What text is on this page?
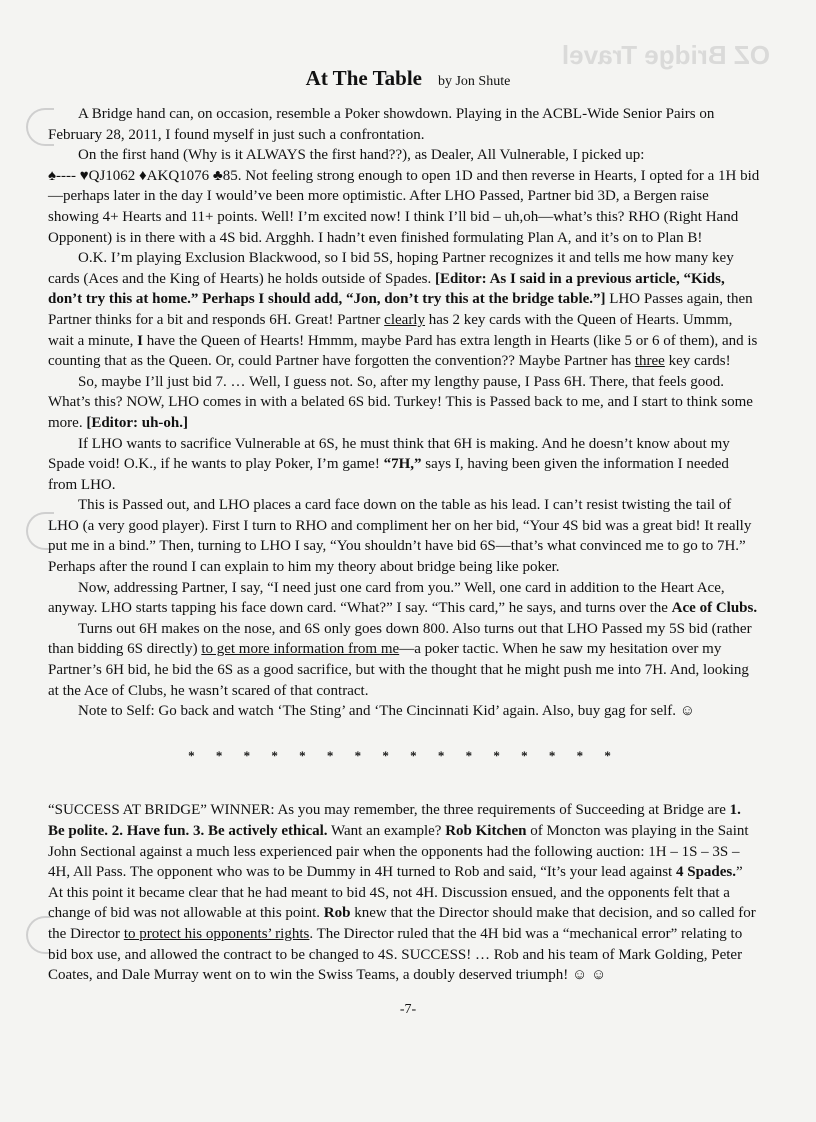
OZ Bridge Travel
At The Table by Jon Shute

A Bridge hand can, on occasion, resemble a Poker showdown. Playing in the ACBL-Wide Senior Pairs on February 28, 2011, I found myself in just such a confrontation.

On the first hand (Why is it ALWAYS the first hand??), as Dealer, All Vulnerable, I picked up:

♠---- ♥QJ1062 ♦AKQ1076 ♣85. Not feeling strong enough to open 1D and then reverse in Hearts, I opted for a 1H bid—perhaps later in the day I would’ve been more optimistic. After LHO Passed, Partner bid 3D, a Bergen raise showing 4+ Hearts and 11+ points. Well! I’m excited now! I think I’ll bid – uh,oh—what’s this? RHO (Right Hand Opponent) is in there with a 4S bid. Argghh. I hadn’t even finished formulating Plan A, and it’s on to Plan B!

O.K. I’m playing Exclusion Blackwood, so I bid 5S, hoping Partner recognizes it and tells me how many key cards (Aces and the King of Hearts) he holds outside of Spades. [Editor: As I said in a previous article, “Kids, don’t try this at home.” Perhaps I should add, “Jon, don’t try this at the bridge table.”] LHO Passes again, then Partner thinks for a bit and responds 6H. Great! Partner clearly has 2 key cards with the Queen of Hearts. Ummm, wait a minute, I have the Queen of Hearts! Hmmm, maybe Pard has extra length in Hearts (like 5 or 6 of them), and is counting that as the Queen. Or, could Partner have forgotten the convention?? Maybe Partner has three key cards!

So, maybe I’ll just bid 7. … Well, I guess not. So, after my lengthy pause, I Pass 6H. There, that feels good. What’s this? NOW, LHO comes in with a belated 6S bid. Turkey! This is Passed back to me, and I start to think some more. [Editor: uh-oh.]

If LHO wants to sacrifice Vulnerable at 6S, he must think that 6H is making. And he doesn’t know about my Spade void! O.K., if he wants to play Poker, I’m game! “7H,” says I, having been given the information I needed from LHO.

This is Passed out, and LHO places a card face down on the table as his lead. I can’t resist twisting the tail of LHO (a very good player). First I turn to RHO and compliment her on her bid, “Your 4S bid was a great bid! It really put me in a bind.” Then, turning to LHO I say, “You shouldn’t have bid 6S—that’s what convinced me to go to 7H.” Perhaps after the round I can explain to him my theory about bridge being like poker.

Now, addressing Partner, I say, “I need just one card from you.” Well, one card in addition to the Heart Ace, anyway. LHO starts tapping his face down card. “What?” I say. “This card,” he says, and turns over the Ace of Clubs.

Turns out 6H makes on the nose, and 6S only goes down 800. Also turns out that LHO Passed my 5S bid (rather than bidding 6S directly) to get more information from me—a poker tactic. When he saw my hesitation over my Partner’s 6H bid, he bid the 6S as a good sacrifice, but with the thought that he might push me into 7H. And, looking at the Ace of Clubs, he wasn’t scared of that contract.

Note to Self: Go back and watch ‘The Sting’ and ‘The Cincinnati Kid’ again. Also, buy gag for self. ☺

* * * * * * * * * * * * * * * *

“SUCCESS AT BRIDGE” WINNER: As you may remember, the three requirements of Succeeding at Bridge are 1. Be polite. 2. Have fun. 3. Be actively ethical. Want an example? Rob Kitchen of Moncton was playing in the Saint John Sectional against a much less experienced pair when the opponents had the following auction: 1H – 1S – 3S – 4H, All Pass. The opponent who was to be Dummy in 4H turned to Rob and said, “It’s your lead against 4 Spades.” At this point it became clear that he had meant to bid 4S, not 4H. Discussion ensued, and the opponents felt that a change of bid was not allowable at this point. Rob knew that the Director should make that decision, and so called for the Director to protect his opponents’ rights. The Director ruled that the 4H bid was a “mechanical error” relating to bid box use, and allowed the contract to be changed to 4S. SUCCESS! … Rob and his team of Mark Golding, Peter Coates, and Dale Murray went on to win the Swiss Teams, a doubly deserved triumph! ☺ ☺

-7-
